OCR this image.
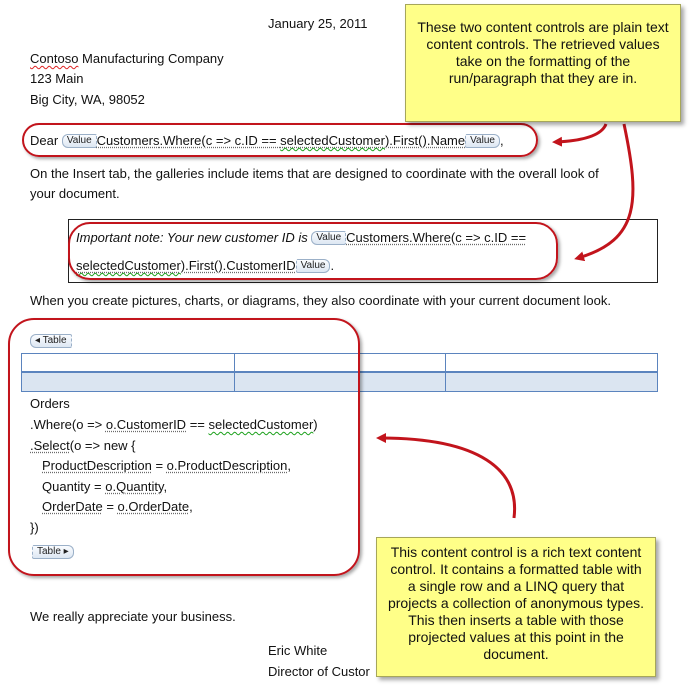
January 25, 2011
Contoso Manufacturing Company
123 Main
Big City, WA, 98052
Dear Value Customers.Where(c => c.ID == selectedCustomer).First().Name Value ,
On the Insert tab, the galleries include items that are designed to coordinate with the overall look of
your document.
Important note: Your new customer ID is Value Customers.Where(c => c.ID ==
selectedCustomer).First().CustomerID Value .
When you create pictures, charts, or diagrams, they also coordinate with your current document look.
◂ Table

Orders
.Where(o => o.CustomerID == selectedCustomer)
.Select(o => new {
ProductDescription = o.ProductDescription,
Quantity = o.Quantity,
OrderDate = o.OrderDate,
})
Table ▸
We really appreciate your business.
Eric White
Director of Custor
These two content controls are plain text content controls. The retrieved values take on the formatting of the run/paragraph that they are in.
This content control is a rich text content control. It contains a formatted table with a single row and a LINQ query that projects a collection of anonymous types. This then inserts a table with those projected values at this point in the document.
